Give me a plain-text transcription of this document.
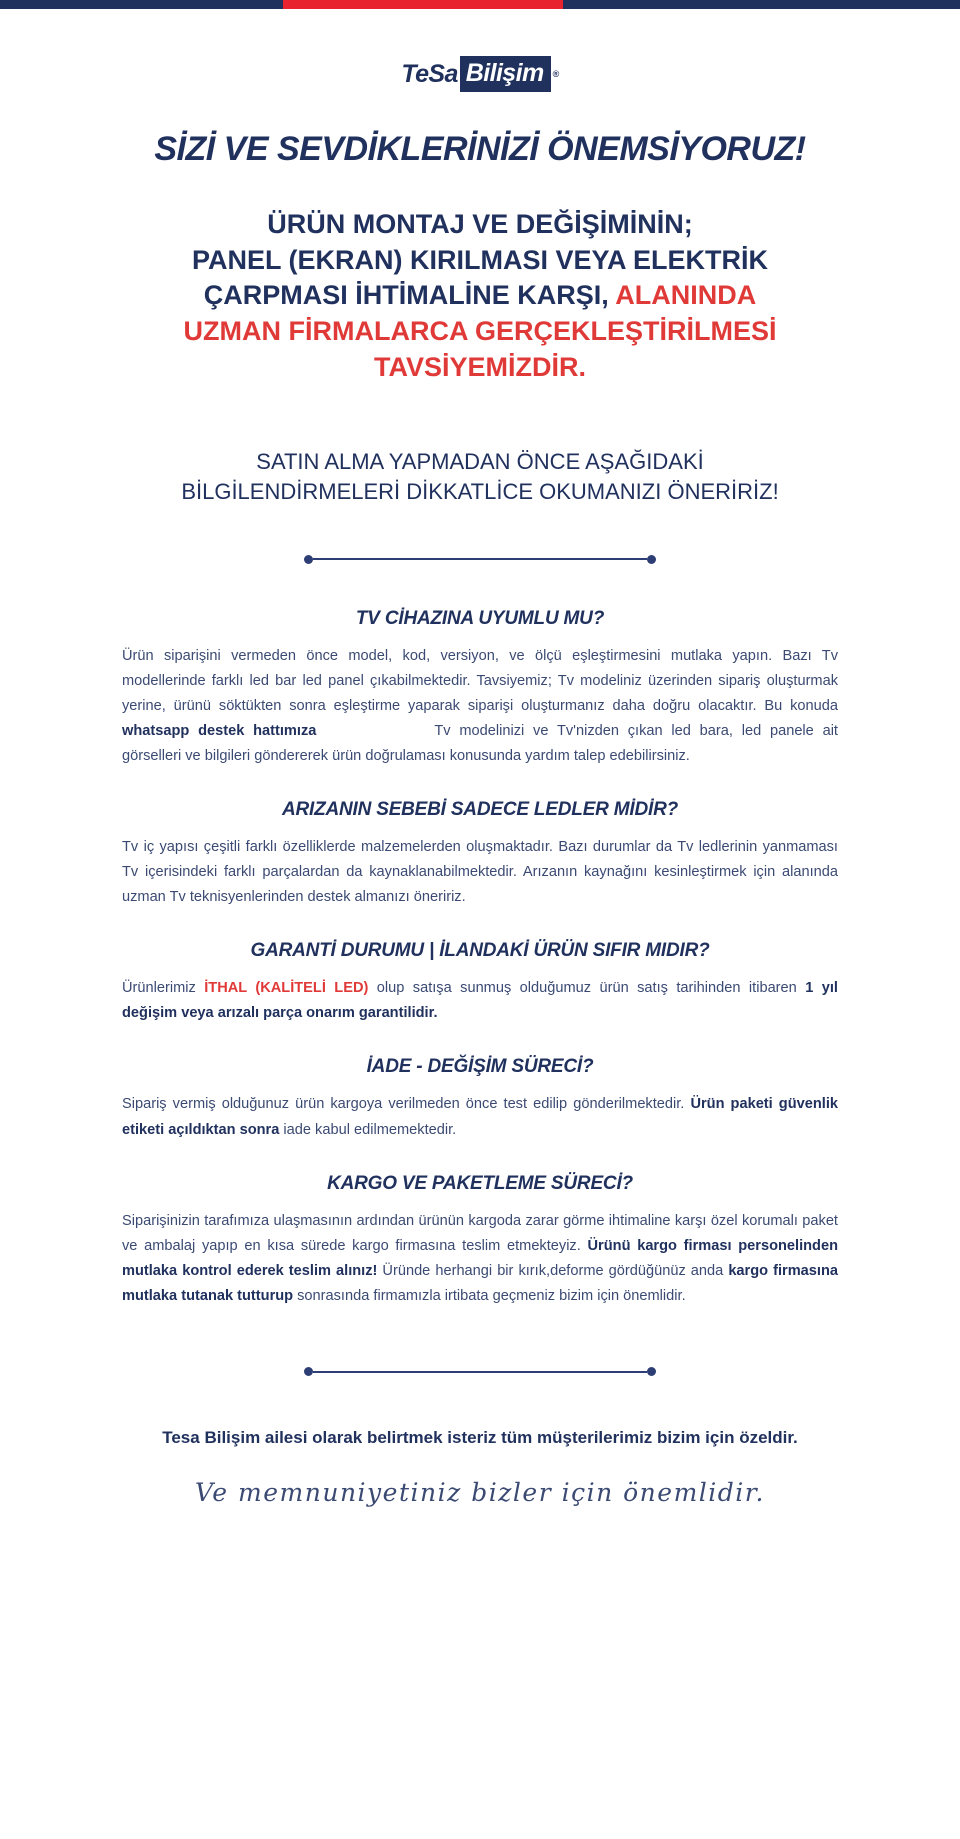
TeSa Bilişim	®
SİZİ VE SEVDİKLERİNİZİ ÖNEMSİYORUZ!
ÜRÜN MONTAJ VE DEĞİŞİMİNİN;
PANEL (EKRAN) KIRILMASI VEYA ELEKTRİK
ÇARPMASI İHTİMALİNE KARŞI, ALANINDA
UZMAN FİRMALARCA GERÇEKLEŞTİRİLMESİ
TAVSİYEMİZDİR.
SATIN ALMA YAPMADAN ÖNCE AŞAĞIDAKİ
BİLGİLENDİRMELERİ DİKKATLİCE OKUMANIZI ÖNERİRİZ!
TV CİHAZINA UYUMLU MU?
Ürün siparişini vermeden önce model, kod, versiyon, ve ölçü eşleştirmesini mutlaka yapın. Bazı Tv modellerinde farklı led bar led panel çıkabilmektedir. Tavsiyemiz; Tv modeliniz üzerinden sipariş oluşturmak yerine, ürünü söktükten sonra eşleştirme yaparak siparişi oluşturmanız daha doğru olacaktır. Bu konuda whatsapp destek hattımıza	Tv modelinizi ve Tv'nizden çıkan led bara, led panele ait görselleri ve bilgileri göndererek ürün doğrulaması konusunda yardım talep edebilirsiniz.
ARIZANIN SEBEBİ SADECE LEDLER MİDİR?
Tv iç yapısı çeşitli farklı özelliklerde malzemelerden oluşmaktadır. Bazı durumlar da Tv ledlerinin yanmaması Tv içerisindeki farklı parçalardan da kaynaklanabilmektedir. Arızanın kaynağını kesinleştirmek için alanında uzman Tv teknisyenlerinden destek almanızı öneririz.
GARANTİ DURUMU | İLANDAKİ ÜRÜN SIFIR MIDIR?
Ürünlerimiz İTHAL (KALİTELİ LED) olup satışa sunmuş olduğumuz ürün satış tarihinden itibaren 1 yıl değişim veya arızalı parça onarım garantilidir.
İADE - DEĞİŞİM SÜRECİ?
Sipariş vermiş olduğunuz ürün kargoya verilmeden önce test edilip gönderilmektedir. Ürün paketi güvenlik etiketi açıldıktan sonra iade kabul edilmemektedir.
KARGO VE PAKETLEME SÜRECİ?
Siparişinizin tarafımıza ulaşmasının ardından ürünün kargoda zarar görme ihtimaline karşı özel korumalı paket ve ambalaj yapıp en kısa sürede kargo firmasına teslim etmekteyiz. Ürünü kargo firması personelinden mutlaka kontrol ederek teslim alınız! Üründe herhangi bir kırık,deforme gördüğünüz anda kargo firmasına mutlaka tutanak tutturup sonrasında firmamızla irtibata geçmeniz bizim için önemlidir.
Tesa Bilişim ailesi olarak belirtmek isteriz tüm müşterilerimiz bizim için özeldir.
Ve memnuniyetiniz bizler için önemlidir.
